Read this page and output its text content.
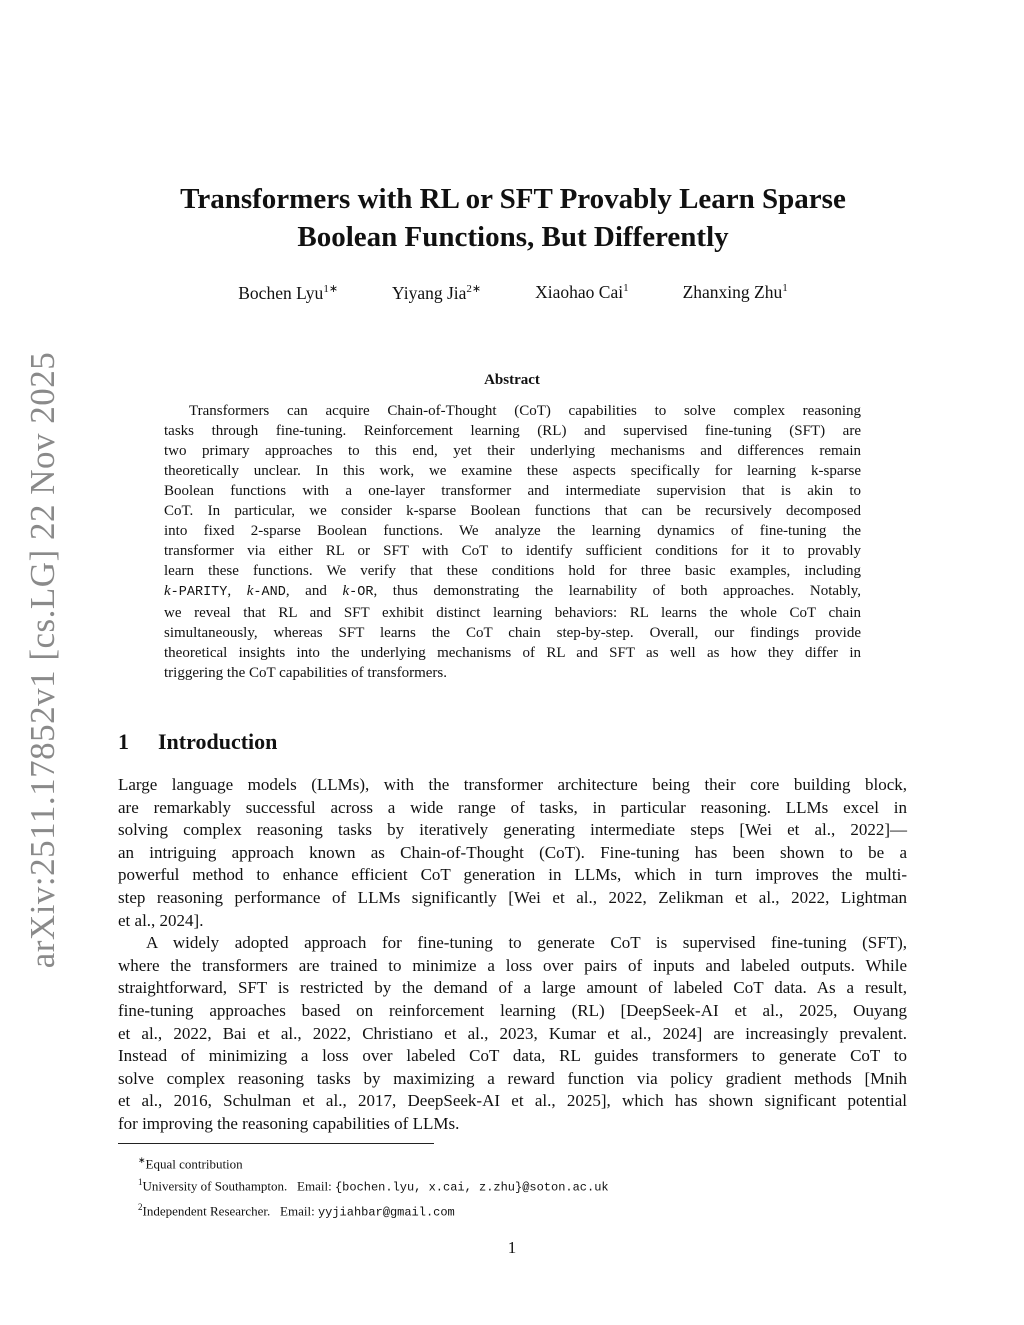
arXiv:2511.17852v1 [cs.LG] 22 Nov 2025
Transformers with RL or SFT Provably Learn Sparse
Boolean Functions, But Differently
Bochen Lyu$^{1∗}$	Yiyang Jia$^{2∗}$	Xiaohao Cai$^1$	Zhanxing Zhu$^1$
Abstract
Transformers can acquire Chain-of-Thought (CoT) capabilities to solve complex reasoning
tasks through fine-tuning. Reinforcement learning (RL) and supervised fine-tuning (SFT) are
two primary approaches to this end, yet their underlying mechanisms and differences remain
theoretically unclear. In this work, we examine these aspects specifically for learning k-sparse
Boolean functions with a one-layer transformer and intermediate supervision that is akin to
CoT. In particular, we consider k-sparse Boolean functions that can be recursively decomposed
into fixed 2-sparse Boolean functions. We analyze the learning dynamics of fine-tuning the
transformer via either RL or SFT with CoT to identify sufficient conditions for it to provably
learn these functions. We verify that these conditions hold for three basic examples, including
k-PARITY, k-AND, and k-OR, thus demonstrating the learnability of both approaches. Notably,
we reveal that RL and SFT exhibit distinct learning behaviors: RL learns the whole CoT chain
simultaneously, whereas SFT learns the CoT chain step-by-step. Overall, our findings provide
theoretical insights into the underlying mechanisms of RL and SFT as well as how they differ in
triggering the CoT capabilities of transformers.
1 Introduction
Large language models (LLMs), with the transformer architecture being their core building block,
are remarkably successful across a wide range of tasks, in particular reasoning. LLMs excel in
solving complex reasoning tasks by iteratively generating intermediate steps [Wei et al., 2022]—
an intriguing approach known as Chain-of-Thought (CoT). Fine-tuning has been shown to be a
powerful method to enhance efficient CoT generation in LLMs, which in turn improves the multi-
step reasoning performance of LLMs significantly [Wei et al., 2022, Zelikman et al., 2022, Lightman
et al., 2024].
A widely adopted approach for fine-tuning to generate CoT is supervised fine-tuning (SFT),
where the transformers are trained to minimize a loss over pairs of inputs and labeled outputs. While
straightforward, SFT is restricted by the demand of a large amount of labeled CoT data. As a result,
fine-tuning approaches based on reinforcement learning (RL) [DeepSeek-AI et al., 2025, Ouyang
et al., 2022, Bai et al., 2022, Christiano et al., 2023, Kumar et al., 2024] are increasingly prevalent.
Instead of minimizing a loss over labeled CoT data, RL guides transformers to generate CoT to
solve complex reasoning tasks by maximizing a reward function via policy gradient methods [Mnih
et al., 2016, Schulman et al., 2017, DeepSeek-AI et al., 2025], which has shown significant potential
for improving the reasoning capabilities of LLMs.
∗Equal contribution
$^1$University of Southampton.   Email: {bochen.lyu, x.cai, z.zhu}@soton.ac.uk
$^2$Independent Researcher.   Email: yyjiahbar@gmail.com
1
